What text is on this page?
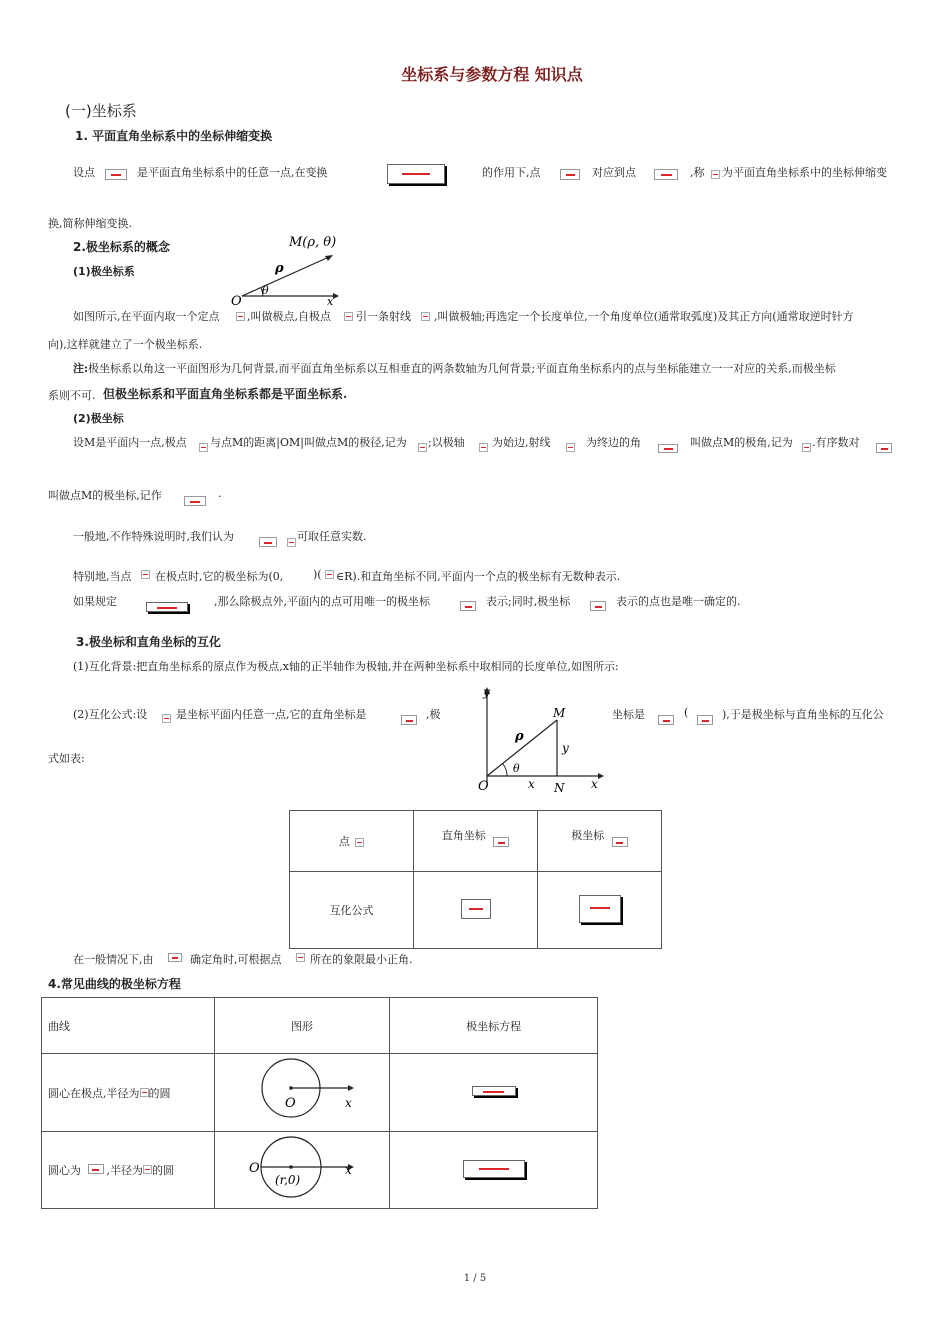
坐标系与参数方程 知识点
(一)坐标系
1. 平面直角坐标系中的坐标伸缩变换
设点	是平面直角坐标系中的任意一点,在变换	的作用下,点	对应到点	,称 为平面直角坐标系中的坐标伸缩变
换,简称伸缩变换.
2.极坐标系的概念
(1)极坐标系
M(ρ, θ)
ρ
O
θ
x
如图所示,在平面内取一个定点	,叫做极点,自极点 引一条射线 ,叫做极轴;再选定一个长度单位,一个角度单位(通常取弧度)及其正方向(通常取逆时针方
向),这样就建立了一个极坐标系.
注: 极坐标系以角这一平面图形为几何背景,而平面直角坐标系以互相垂直的两条数轴为几何背景;平面直角坐标系内的点与坐标能建立一一对应的关系,而极坐标
系则不可. 但极坐标系和平面直角坐标系都是平面坐标系.
(2)极坐标
设M是平面内一点,极点 与点M的距离|OM|叫做点M的极径,记为 ;以极轴 为始边,射线	为终边的角	叫做点M的极角,记为 .有序数对
叫做点M的极坐标,记作	.
一般地,不作特殊说明时,我们认为	可取任意实数.
特别地,当点 在极点时,它的极坐标为(0,	)( ∈R).和直角坐标不同,平面内一个点的极坐标有无数种表示.
如果规定	,那么除极点外,平面内的点可用唯一的极坐标	表示;同时,极坐标	表示的点也是唯一确定的.
3.极坐标和直角坐标的互化
(1)互化背景:把直角坐标系的原点作为极点,x轴的正半轴作为极轴,并在两种坐标系中取相同的长度单位,如图所示:
y
M
ρ
y
O
θ
x N x
(2)互化公式:设	是坐标平面内任意一点,它的直角坐标是	,极	坐标是	(	),于是极坐标与直角坐标的互化公
式如表:
点	直角坐标	极坐标
互化公式		
在一般情况下,由	确定角时,可根据点	所在的象限最小正角.
4.常见曲线的极坐标方程
曲线	图形	极坐标方程
圆心在极点,半径为 的圆	O x	

圆心为 ,半径为 的圆	O
(r,0)
x	

1 / 5
